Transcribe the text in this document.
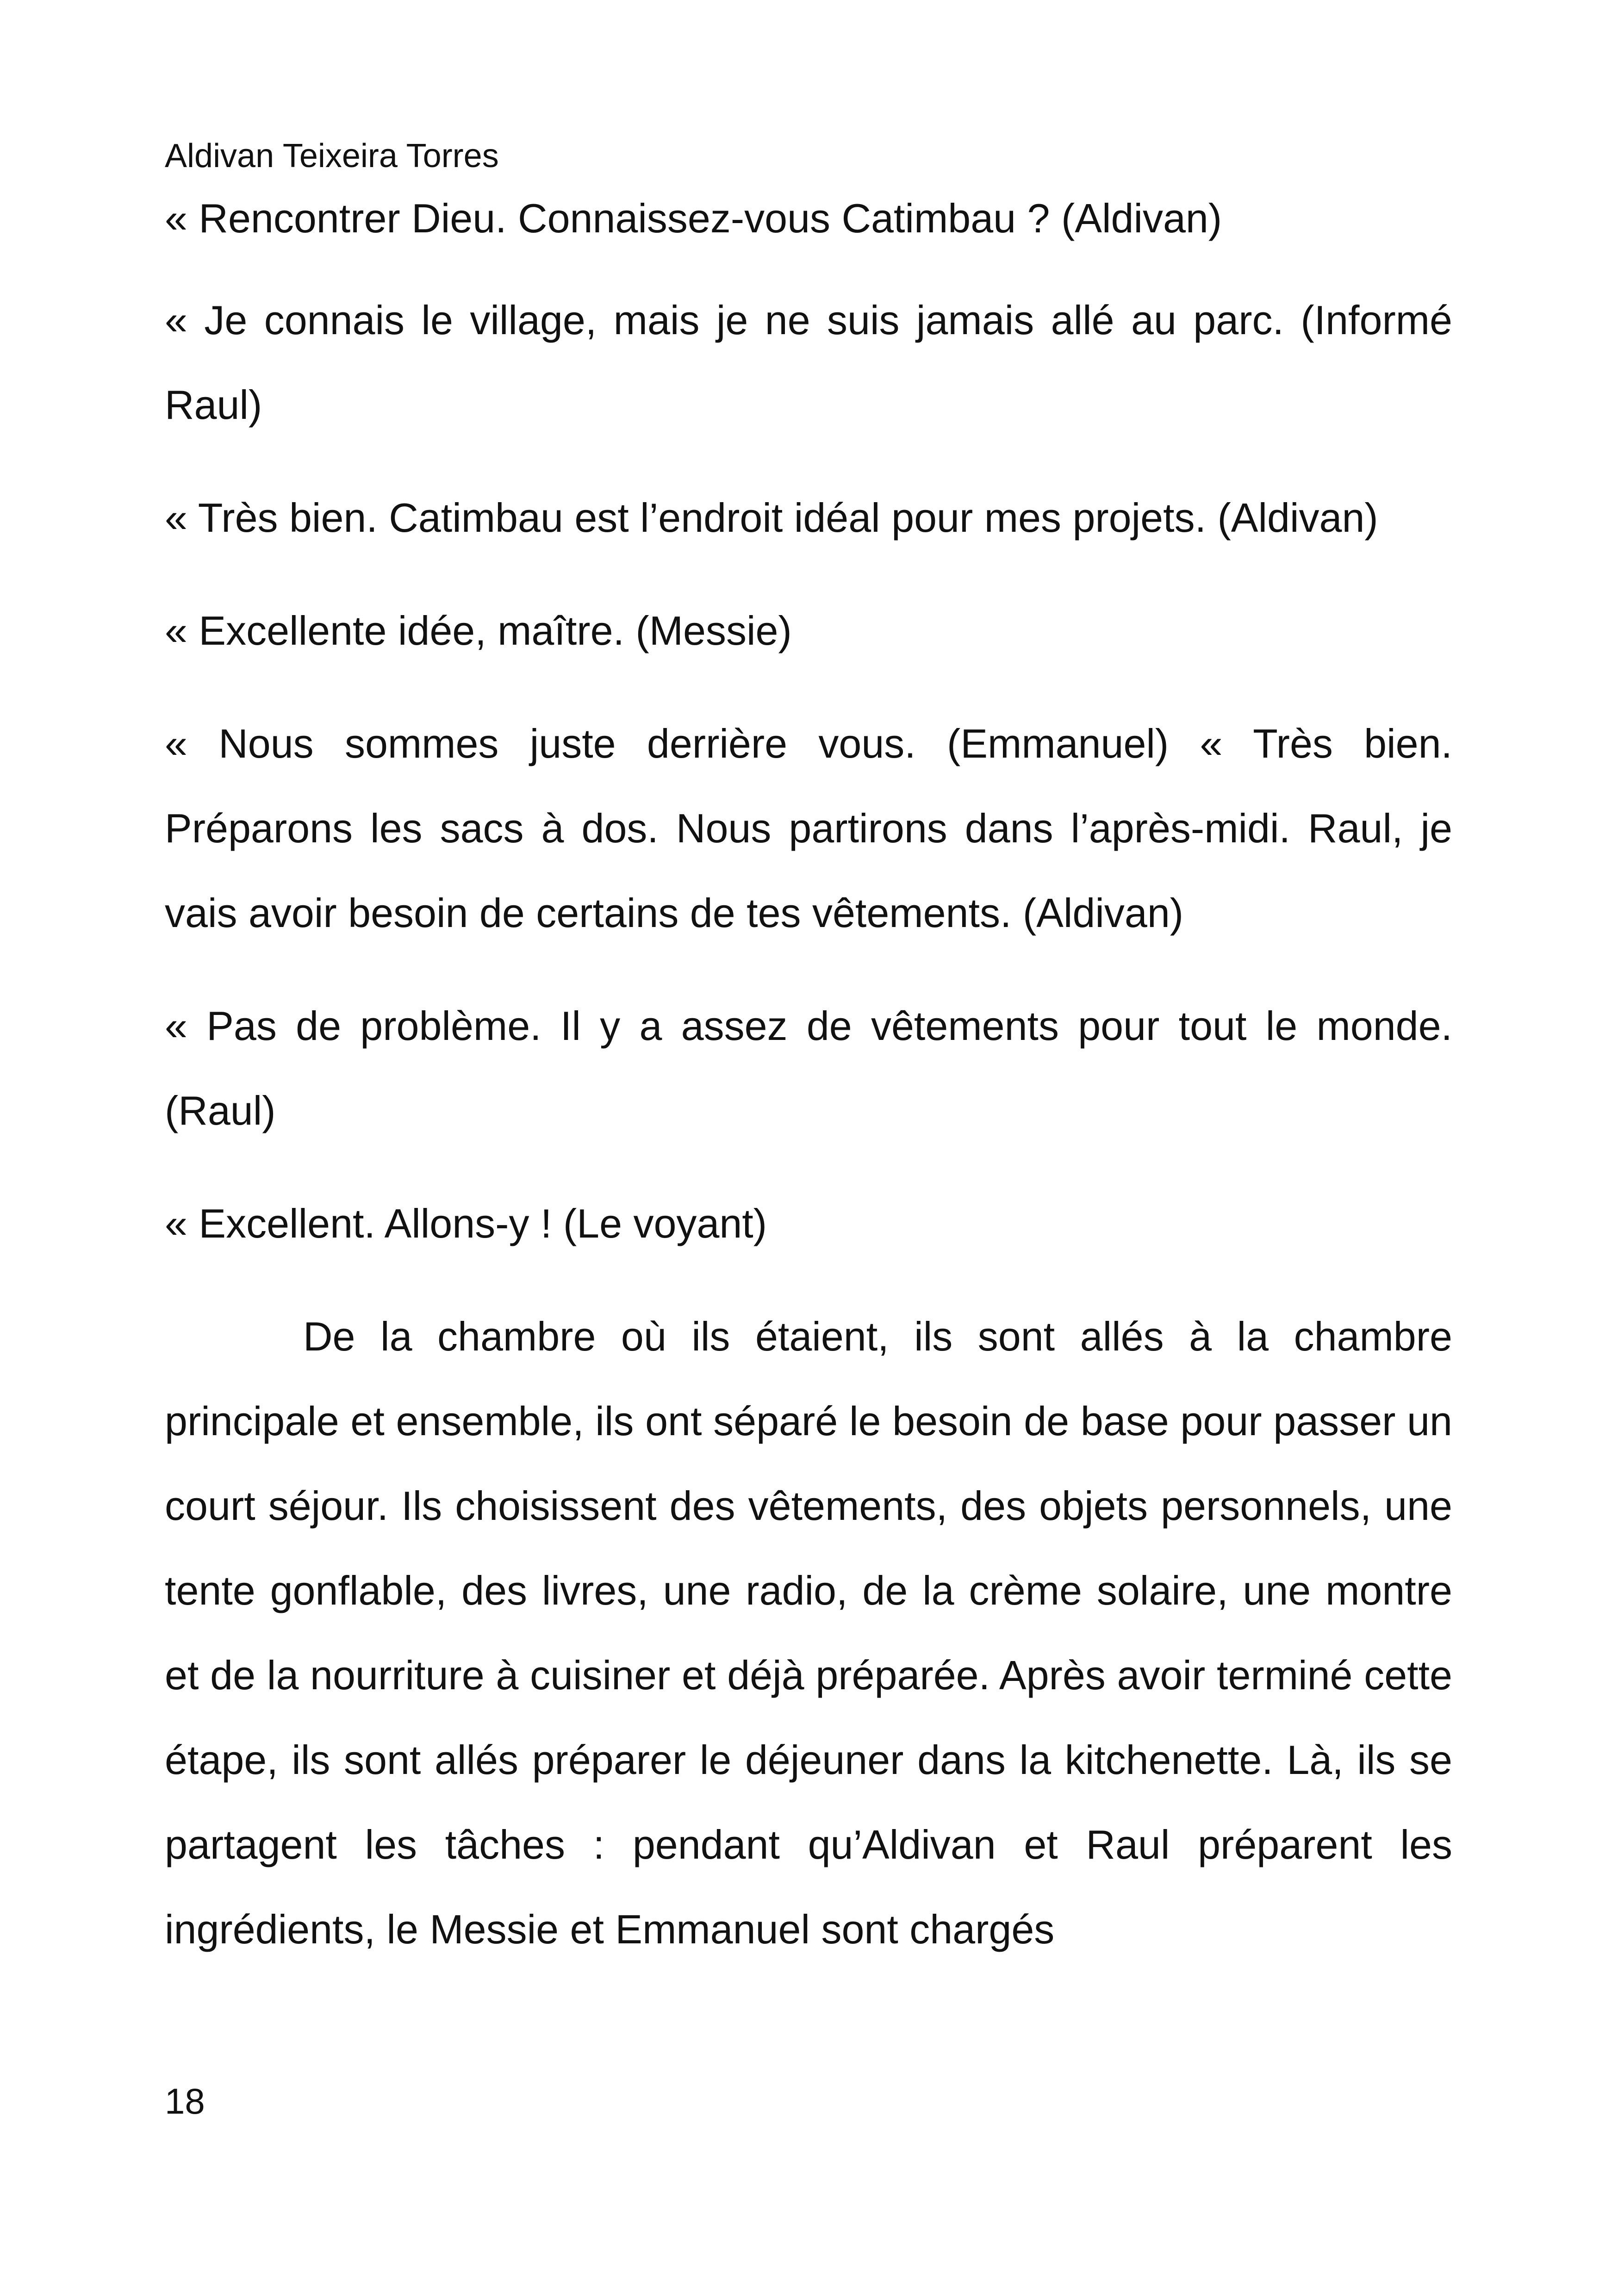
Aldivan Teixeira Torres

« Rencontrer Dieu. Connaissez-vous Catimbau ? (Aldivan)

« Je connais le village, mais je ne suis jamais allé au parc. (Informé Raul)

« Très bien. Catimbau est l’endroit idéal pour mes projets. (Aldivan)

« Excellente idée, maître. (Messie)

« Nous sommes juste derrière vous. (Emmanuel) « Très bien. Préparons les sacs à dos. Nous partirons dans l’après-midi. Raul, je vais avoir besoin de certains de tes vêtements. (Aldivan)

« Pas de problème. Il y a assez de vêtements pour tout le monde. (Raul)

« Excellent. Allons-y ! (Le voyant)

De la chambre où ils étaient, ils sont allés à la chambre principale et ensemble, ils ont séparé le besoin de base pour passer un court séjour. Ils choisissent des vêtements, des objets personnels, une tente gonflable, des livres, une radio, de la crème solaire, une montre et de la nourriture à cuisiner et déjà préparée. Après avoir terminé cette étape, ils sont allés préparer le déjeuner dans la kitchenette. Là, ils se partagent les tâches : pendant qu’Aldivan et Raul préparent les ingrédients, le Messie et Emmanuel sont chargés

18
